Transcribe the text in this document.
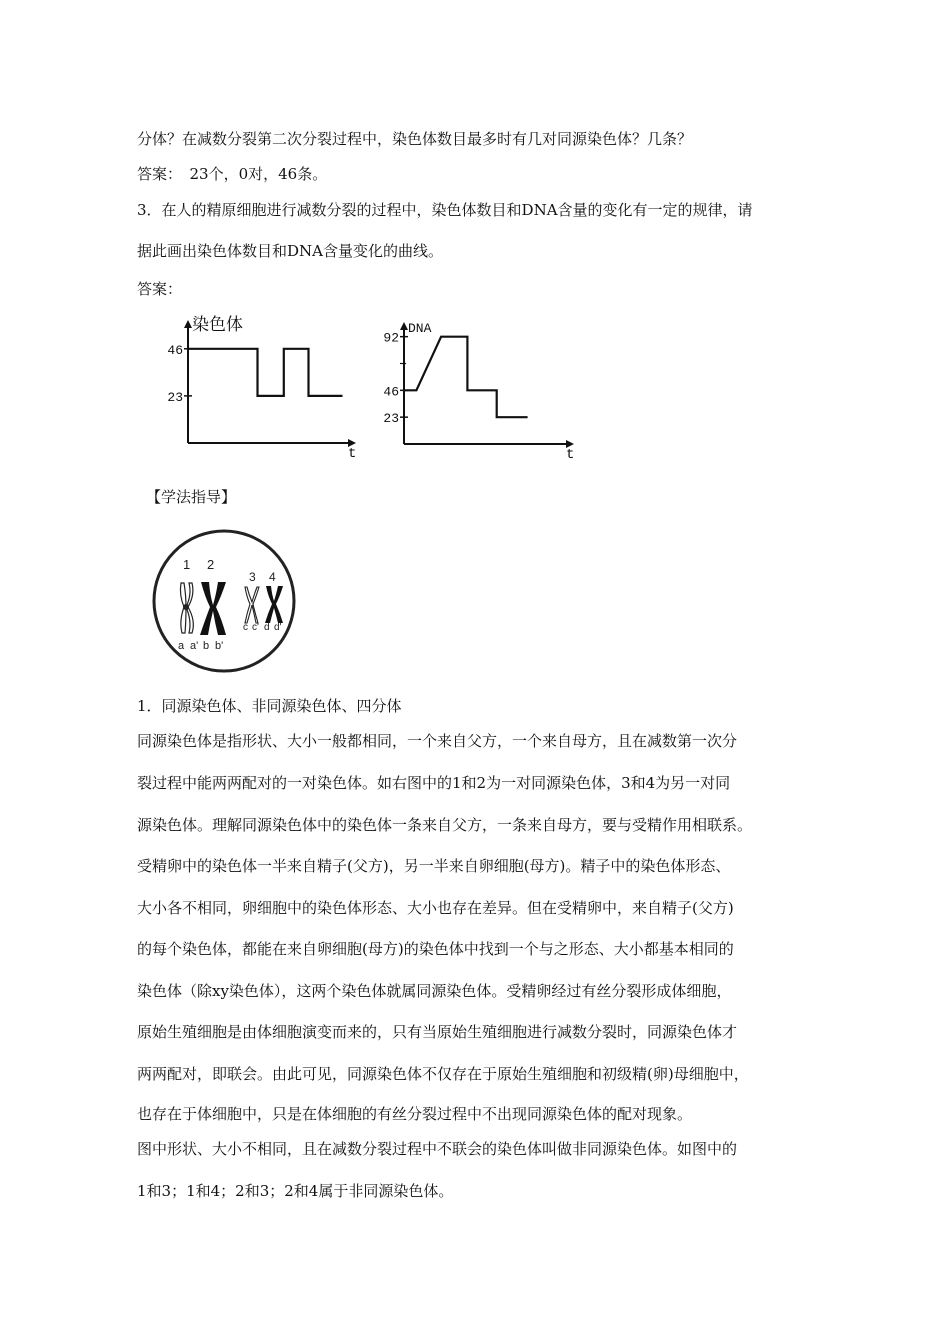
分体？在减数分裂第二次分裂过程中，染色体数目最多时有几对同源染色体？几条？
答案：　23个，0对，46条。
3．在人的精原细胞进行减数分裂的过程中，染色体数目和DNA含量的变化有一定的规律，请
据此画出染色体数目和DNA含量变化的曲线。
答案：
染色体
t
23
46
DNA
t
23
46
92
【学法指导】
1 2
3 4
a a' b b'
c c' d d'
1．同源染色体、非同源染色体、四分体
同源染色体是指形状、大小一般都相同，一个来自父方，一个来自母方，且在减数第一次分
裂过程中能两两配对的一对染色体。如右图中的1和2为一对同源染色体，3和4为另一对同
源染色体。理解同源染色体中的染色体一条来自父方，一条来自母方，要与受精作用相联系。
受精卵中的染色体一半来自精子(父方)，另一半来自卵细胞(母方)。精子中的染色体形态、
大小各不相同，卵细胞中的染色体形态、大小也存在差异。但在受精卵中，来自精子(父方)
的每个染色体，都能在来自卵细胞(母方)的染色体中找到一个与之形态、大小都基本相同的
染色体（除xy染色体），这两个染色体就属同源染色体。受精卵经过有丝分裂形成体细胞，
原始生殖细胞是由体细胞演变而来的，只有当原始生殖细胞进行减数分裂时，同源染色体才
两两配对，即联会。由此可见，同源染色体不仅存在于原始生殖细胞和初级精(卵)母细胞中，
也存在于体细胞中，只是在体细胞的有丝分裂过程中不出现同源染色体的配对现象。
图中形状、大小不相同，且在减数分裂过程中不联会的染色体叫做非同源染色体。如图中的
1和3；1和4；2和3；2和4属于非同源染色体。
